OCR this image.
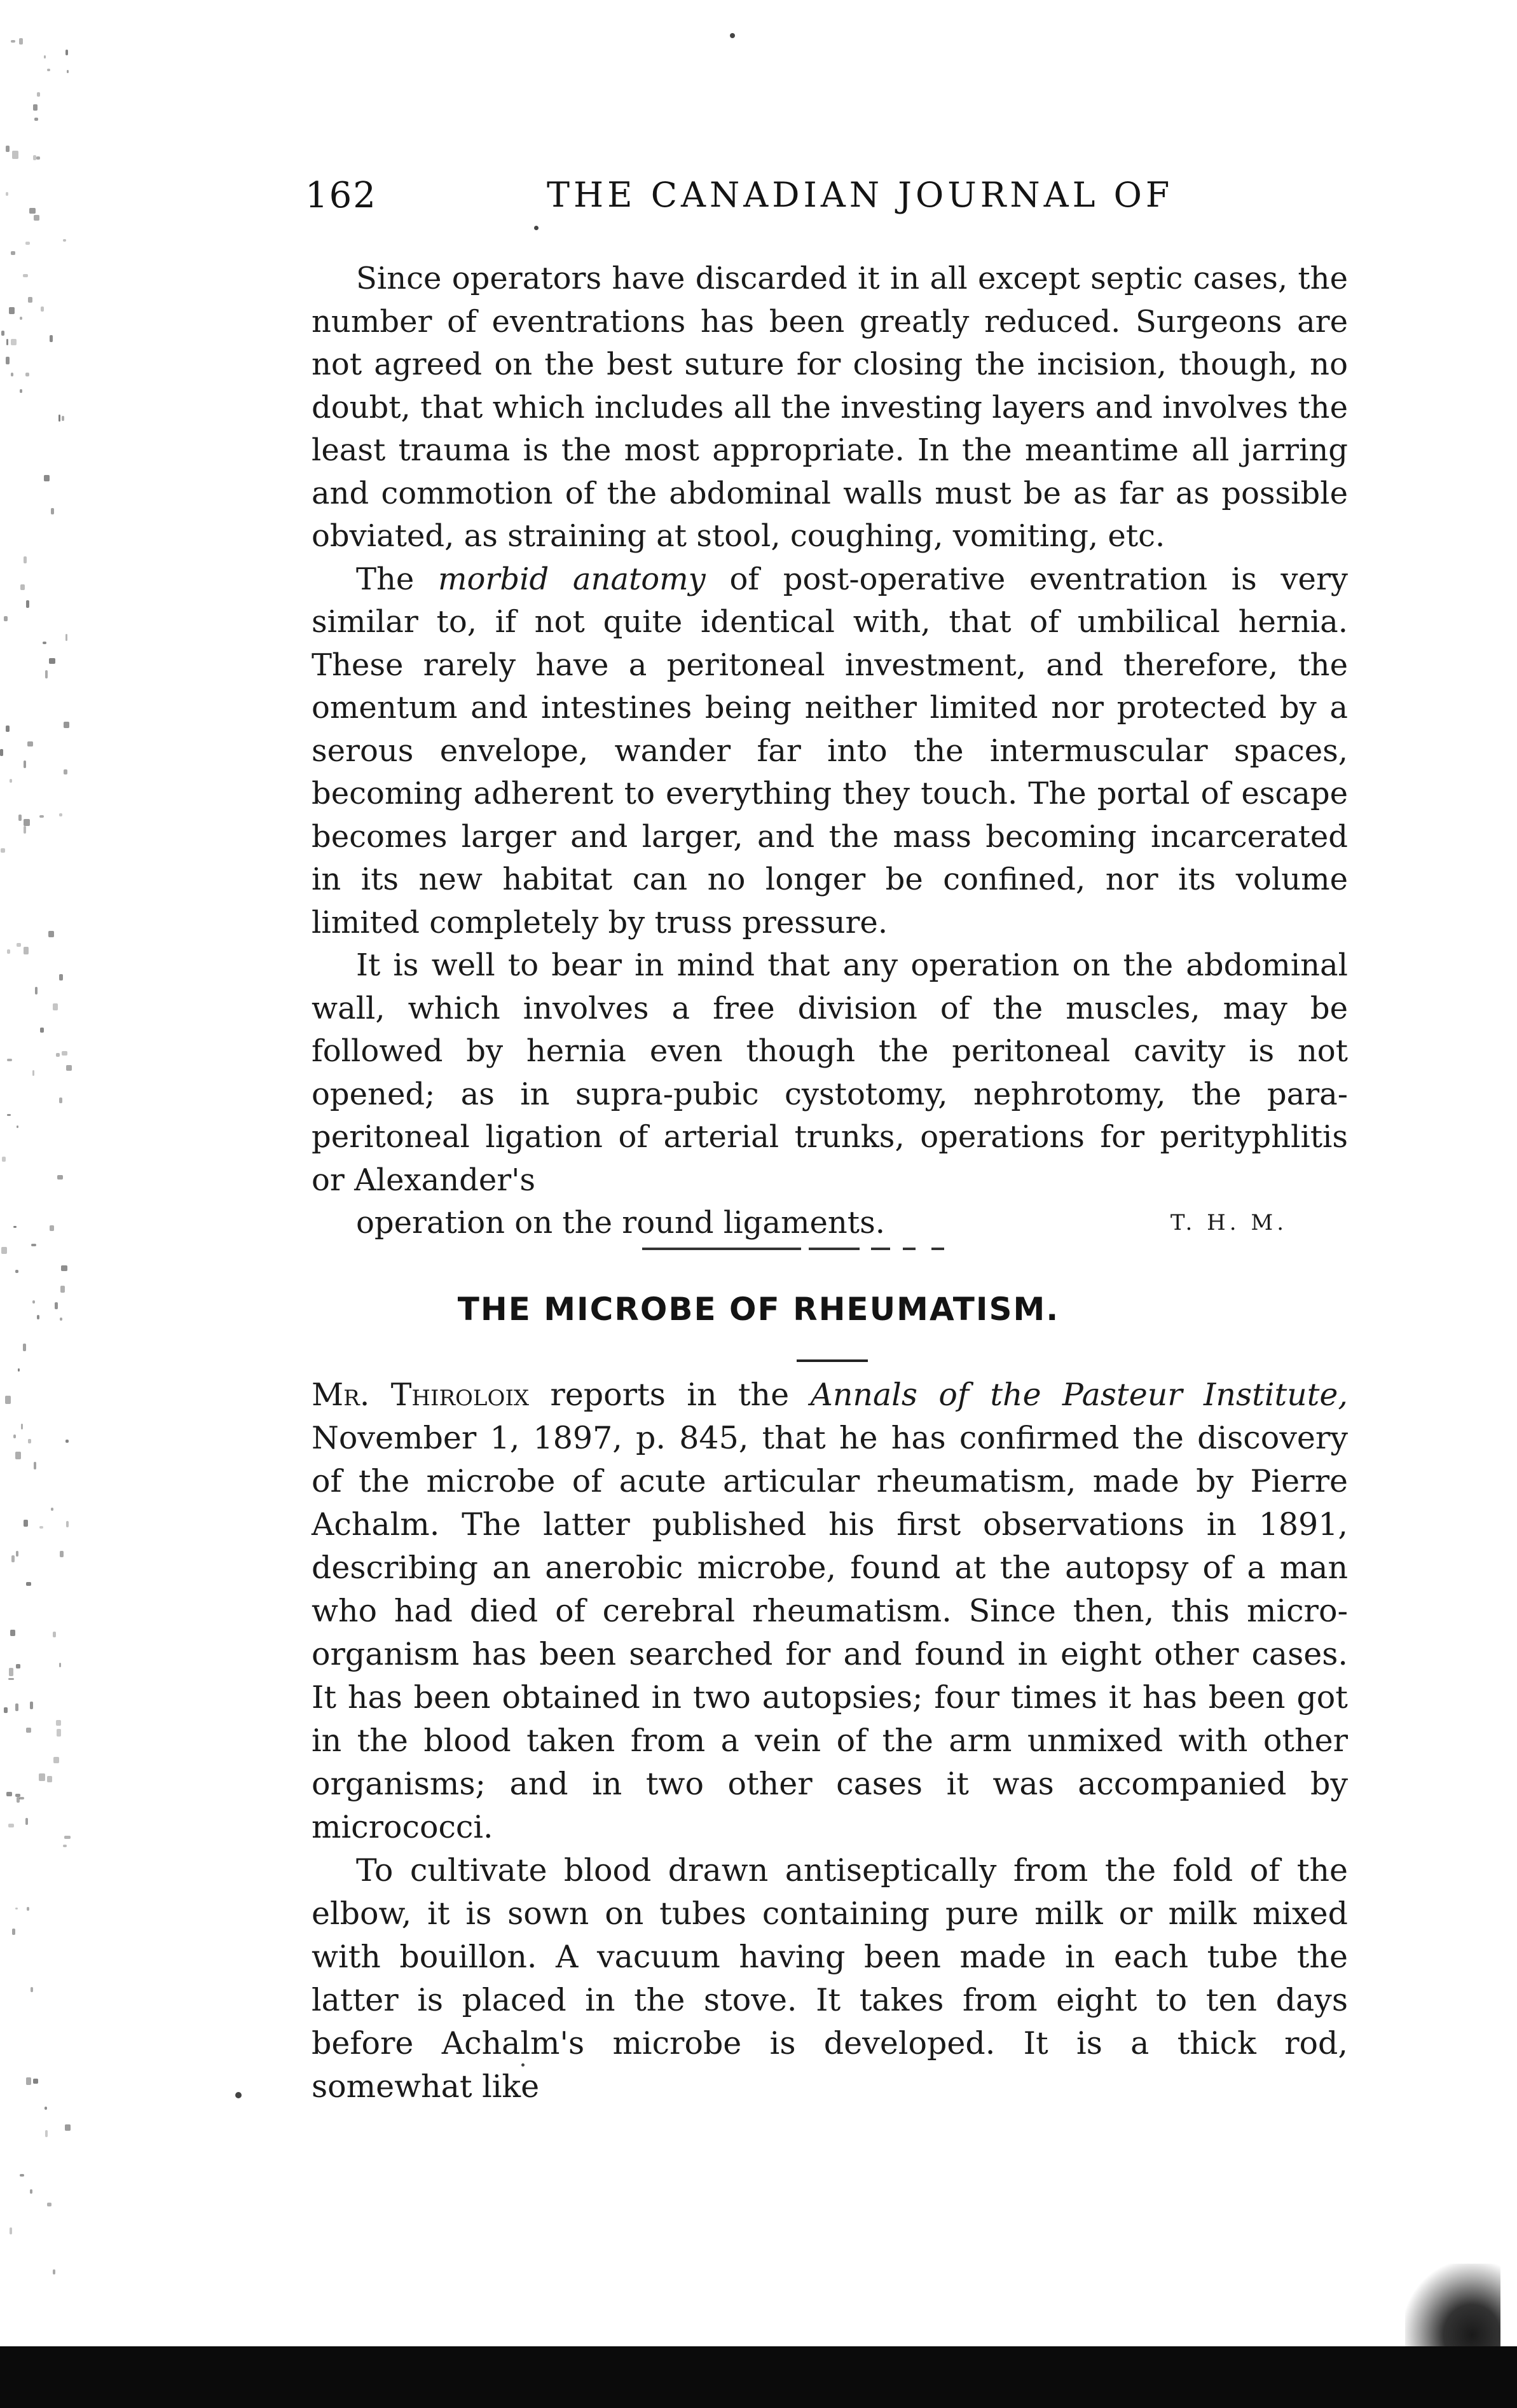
162	THE CANADIAN JOURNAL OF

Since operators have discarded it in all except septic cases, the number of eventrations has been greatly reduced. Surgeons are not agreed on the best suture for closing the incision, though, no doubt, that which includes all the investing layers and involves the least trauma is the most appropriate. In the meantime all jarring and commotion of the abdominal walls must be as far as possible obviated, as straining at stool, coughing, vomiting, etc.

The morbid anatomy of post-operative eventration is very similar to, if not quite identical with, that of umbilical hernia. These rarely have a peritoneal investment, and therefore, the omentum and intestines being neither limited nor protected by a serous envelope, wander far into the intermuscular spaces, becoming adherent to everything they touch. The portal of escape becomes larger and larger, and the mass becoming incarcerated in its new habitat can no longer be confined, nor its volume limited completely by truss pressure.

It is well to bear in mind that any operation on the abdominal wall, which involves a free division of the muscles, may be followed by hernia even though the peritoneal cavity is not opened; as in supra-pubic cystotomy, nephrotomy, the para-peritoneal ligation of arterial trunks, operations for perityphlitis or Alexander's

operation on the round ligaments.	T. H. M.

THE MICROBE OF RHEUMATISM.

Mr. Thiroloix reports in the Annals of the Pasteur Institute, November 1, 1897, p. 845, that he has confirmed the discovery of the microbe of acute articular rheumatism, made by Pierre Achalm. The latter published his first observations in 1891, describing an anerobic microbe, found at the autopsy of a man who had died of cerebral rheumatism. Since then, this micro-organism has been searched for and found in eight other cases. It has been obtained in two autopsies; four times it has been got in the blood taken from a vein of the arm unmixed with other organisms; and in two other cases it was accompanied by micrococci.

To cultivate blood drawn antiseptically from the fold of the elbow, it is sown on tubes containing pure milk or milk mixed with bouillon. A vacuum having been made in each tube the latter is placed in the stove. It takes from eight to ten days before Achalm's microbe is developed. It is a thick rod, somewhat like
